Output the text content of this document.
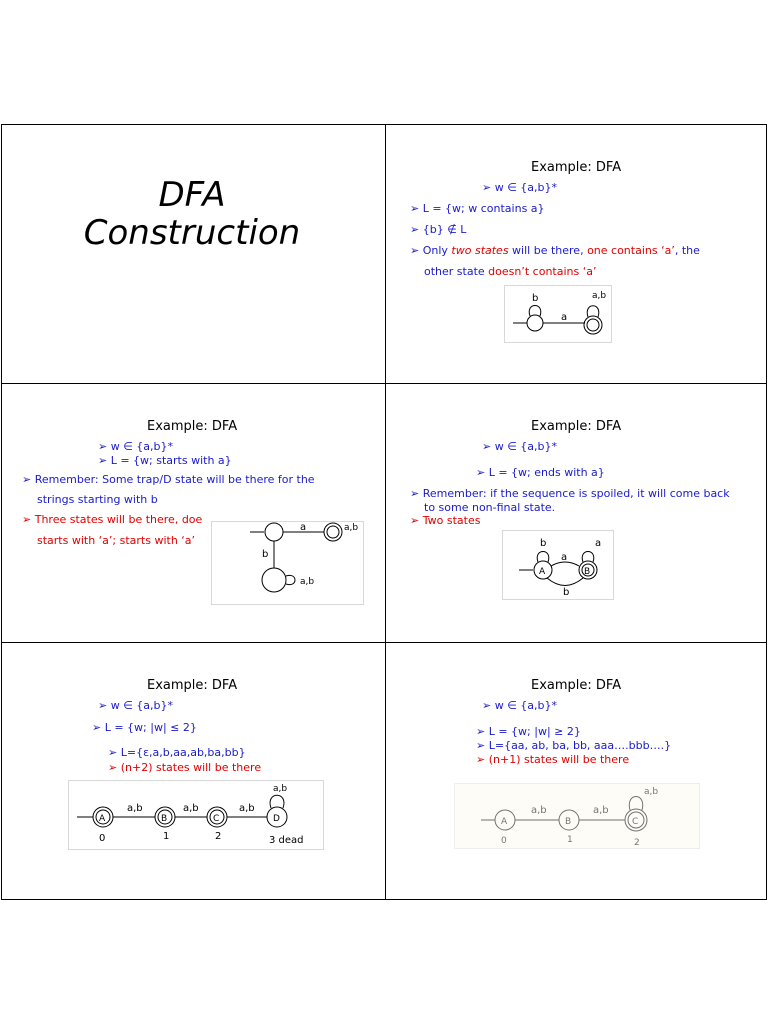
DFA
Construction
Example: DFA
➢ w ∈ {a,b}*
➢ L = {w; w contains a}
➢ {b} ∉ L
➢ Only two states will be there, one contains ‘a’, the
other state doesn’t contains ‘a’
b
a
a,b
Example: DFA
➢ w ∈ {a,b}*
➢ L = {w; starts with a}
➢ Remember: Some trap/D state will be there for the
strings starting with b
➢ Three states will be there, doe
starts with ‘a’; starts with ‘a’
a	a,b
b
a,b
Example: DFA
➢ w ∈ {a,b}*
➢ L = {w; ends with a}
➢ Remember: if the sequence is spoiled, it will come back
to some non-final state.
➢ Two states
A
b
B
a
a
b
Example: DFA
➢ w ∈ {a,b}*
➢ L = {w; |w| ≤ 2}
➢ L={ε,a,b,aa,ab,ba,bb}
➢ (n+2) states will be there
A
a,b
B
a,b
C
a,b
D
a,b
0	1	2	3 dead
Example: DFA
➢ w ∈ {a,b}*
➢ L = {w; |w| ≥ 2}
➢ L={aa, ab, ba, bb, aaa….bbb….}
➢ (n+1) states will be there
A
a,b
B
a,b
C
a,b
0	1	2
